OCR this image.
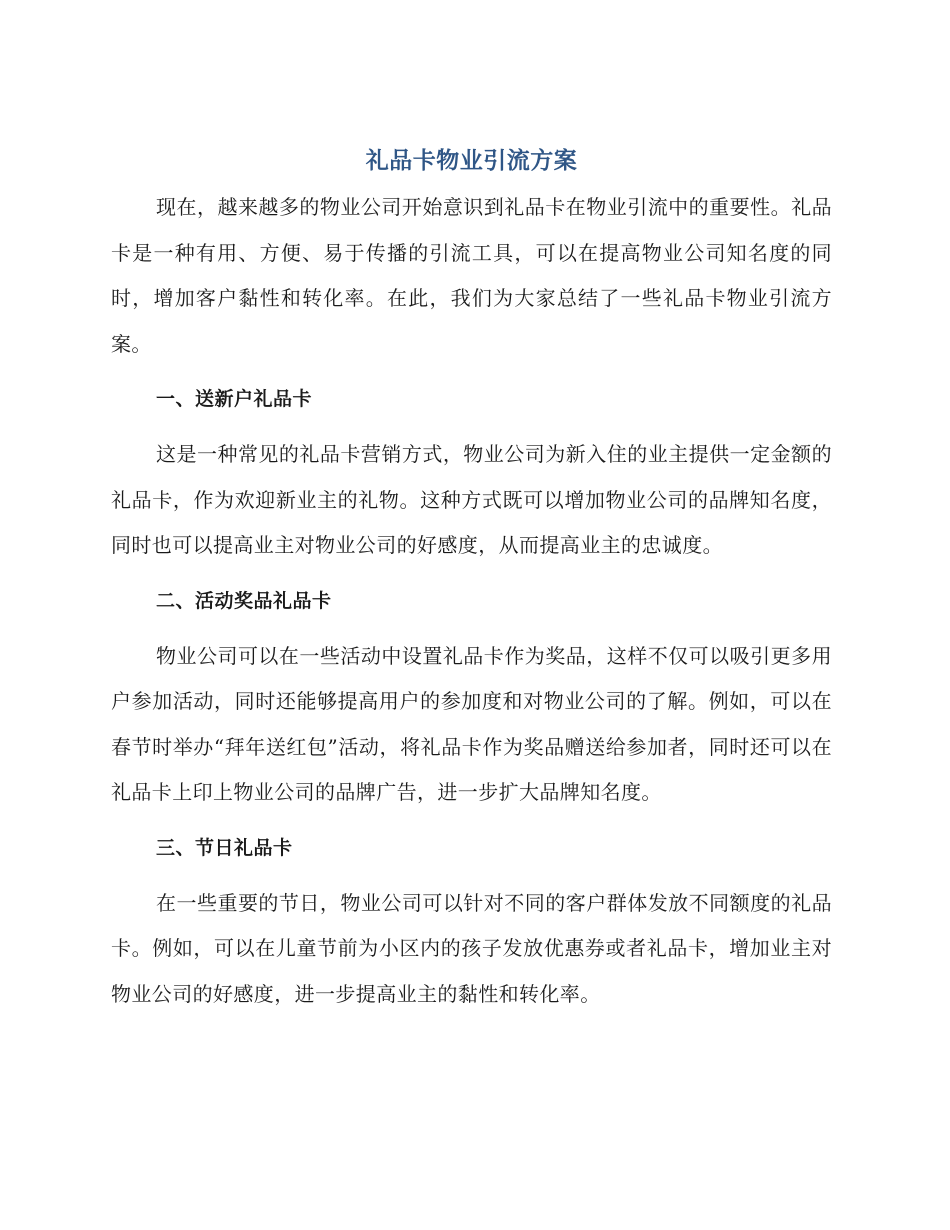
礼品卡物业引流方案

现在，越来越多的物业公司开始意识到礼品卡在物业引流中的重要性。礼品卡是一种有用、方便、易于传播的引流工具，可以在提高物业公司知名度的同时，增加客户黏性和转化率。在此，我们为大家总结了一些礼品卡物业引流方案。

一、送新户礼品卡

这是一种常见的礼品卡营销方式，物业公司为新入住的业主提供一定金额的礼品卡，作为欢迎新业主的礼物。这种方式既可以增加物业公司的品牌知名度，同时也可以提高业主对物业公司的好感度，从而提高业主的忠诚度。

二、活动奖品礼品卡

物业公司可以在一些活动中设置礼品卡作为奖品，这样不仅可以吸引更多用户参加活动，同时还能够提高用户的参加度和对物业公司的了解。例如，可以在春节时举办“拜年送红包”活动，将礼品卡作为奖品赠送给参加者，同时还可以在礼品卡上印上物业公司的品牌广告，进一步扩大品牌知名度。

三、节日礼品卡

在一些重要的节日，物业公司可以针对不同的客户群体发放不同额度的礼品卡。例如，可以在儿童节前为小区内的孩子发放优惠券或者礼品卡，增加业主对物业公司的好感度，进一步提高业主的黏性和转化率。
